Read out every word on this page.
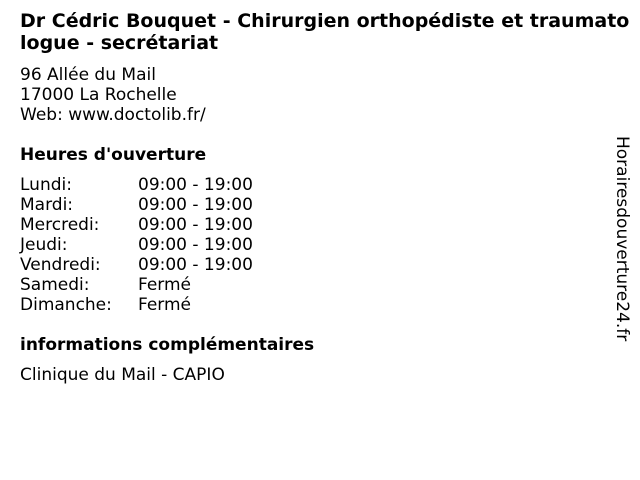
Dr Cédric Bouquet - Chirurgien orthopédiste et traumatologue - secrétariat
96 Allée du Mail
17000 La Rochelle
Web: www.doctolib.fr/
Heures d'ouverture
Lundi:	09:00 - 19:00
Mardi:	09:00 - 19:00
Mercredi:	09:00 - 19:00
Jeudi:	09:00 - 19:00
Vendredi:	09:00 - 19:00
Samedi:	Fermé
Dimanche:	Fermé
informations complémentaires
Clinique du Mail - CAPIO
Horairesdouverture24.fr
